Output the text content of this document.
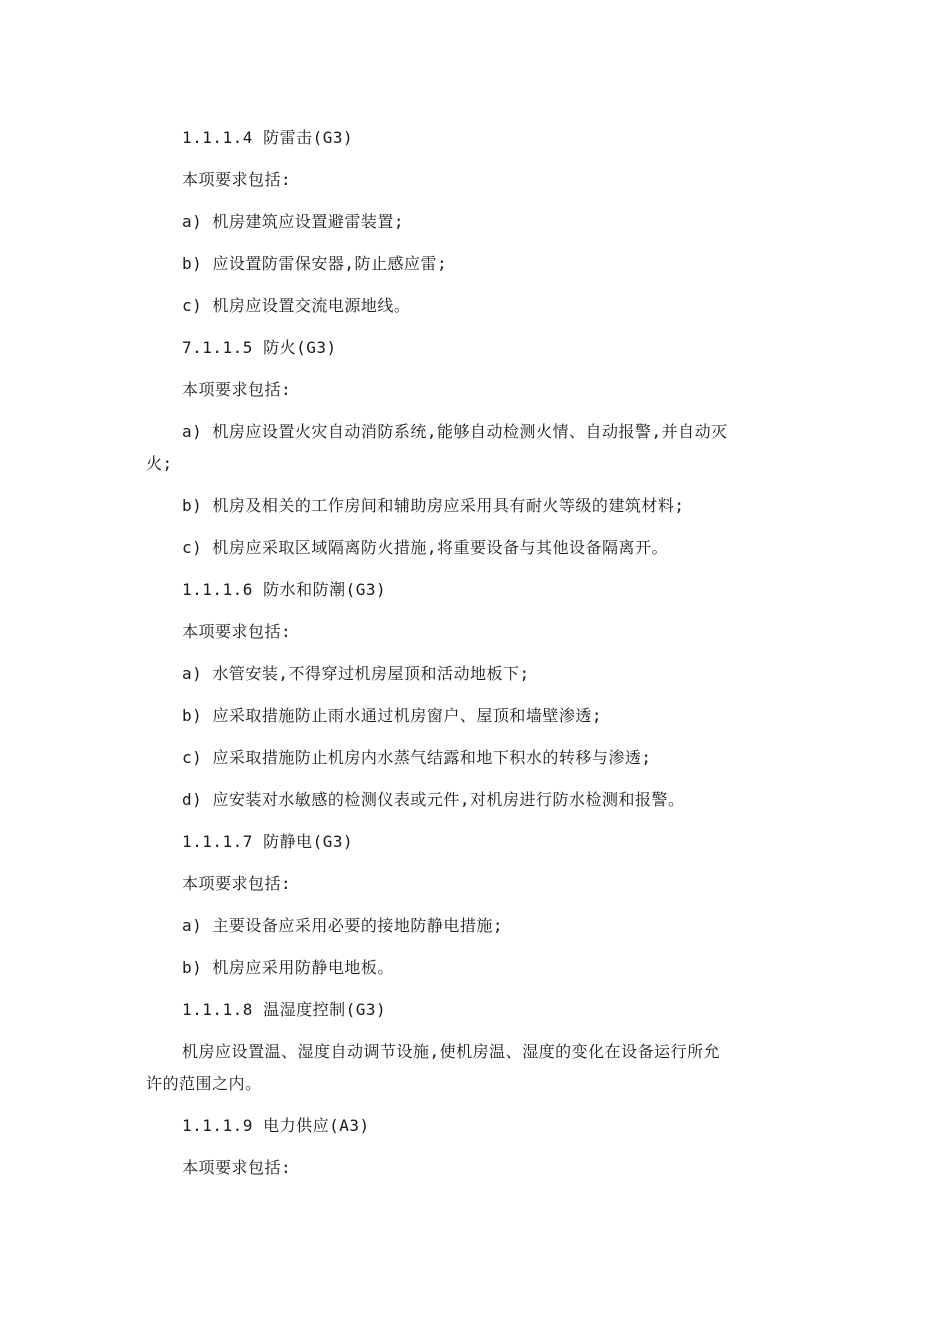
1.1.1.4 防雷击(G3)
本项要求包括:
a) 机房建筑应设置避雷装置;
b) 应设置防雷保安器,防止感应雷;
c) 机房应设置交流电源地线。
7.1.1.5 防火(G3)
本项要求包括:
a) 机房应设置火灾自动消防系统,能够自动检测火情、自动报警,并自动灭
火;
b) 机房及相关的工作房间和辅助房应采用具有耐火等级的建筑材料;
c) 机房应采取区域隔离防火措施,将重要设备与其他设备隔离开。
1.1.1.6 防水和防潮(G3)
本项要求包括:
a) 水管安装,不得穿过机房屋顶和活动地板下;
b) 应采取措施防止雨水通过机房窗户、屋顶和墙壁渗透;
c) 应采取措施防止机房内水蒸气结露和地下积水的转移与渗透;
d) 应安装对水敏感的检测仪表或元件,对机房进行防水检测和报警。
1.1.1.7 防静电(G3)
本项要求包括:
a) 主要设备应采用必要的接地防静电措施;
b) 机房应采用防静电地板。
1.1.1.8 温湿度控制(G3)
机房应设置温、湿度自动调节设施,使机房温、湿度的变化在设备运行所允
许的范围之内。
1.1.1.9 电力供应(A3)
本项要求包括:
